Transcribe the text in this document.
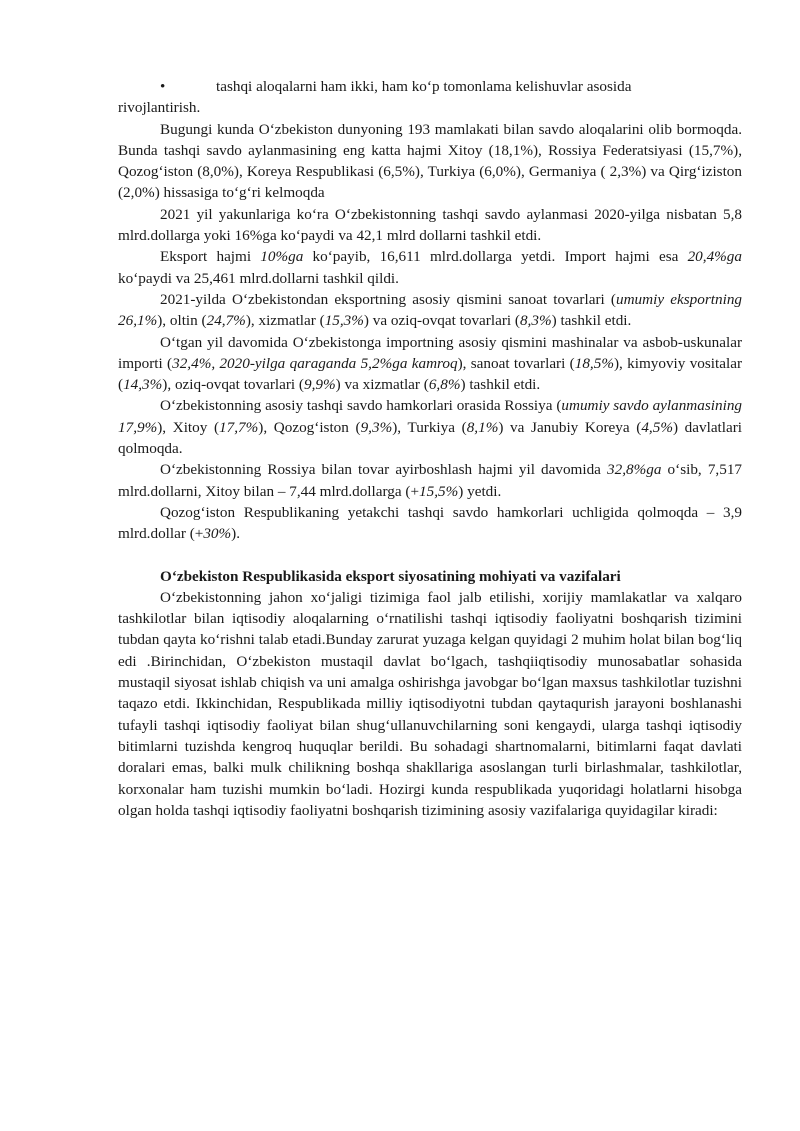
•	tashqi aloqalarni ham ikki, ham ko‘p tomonlama kelishuvlar asosida

rivojlantirish.

Bugungi kunda O‘zbekiston dunyoning 193 mamlakati bilan savdo aloqalarini olib bormoqda. Bunda tashqi savdo aylanmasining eng katta hajmi Xitoy (18,1%), Rossiya Federatsiyasi (15,7%), Qozog‘iston (8,0%), Koreya Respublikasi (6,5%), Turkiya (6,0%), Germaniya ( 2,3%) va Qirg‘iziston (2,0%) hissasiga to‘g‘ri kelmoqda

2021 yil yakunlariga ko‘ra O‘zbekistonning tashqi savdo aylanmasi 2020-yilga nisbatan 5,8 mlrd.dollarga yoki 16%ga ko‘paydi va 42,1 mlrd dollarni tashkil etdi.

Eksport hajmi 10%ga ko‘payib, 16,611 mlrd.dollarga yetdi. Import hajmi esa 20,4%ga ko‘paydi va 25,461 mlrd.dollarni tashkil qildi.

2021-yilda O‘zbekistondan eksportning asosiy qismini sanoat tovarlari (umumiy eksportning 26,1%), oltin (24,7%), xizmatlar (15,3%) va oziq-ovqat tovarlari (8,3%) tashkil etdi.

O‘tgan yil davomida O‘zbekistonga importning asosiy qismini mashinalar va asbob-uskunalar importi (32,4%, 2020-yilga qaraganda 5,2%ga kamroq), sanoat tovarlari (18,5%), kimyoviy vositalar (14,3%), oziq-ovqat tovarlari (9,9%) va xizmatlar (6,8%) tashkil etdi.

O‘zbekistonning asosiy tashqi savdo hamkorlari orasida Rossiya (umumiy savdo aylanmasining 17,9%), Xitoy (17,7%), Qozog‘iston (9,3%), Turkiya (8,1%) va Janubiy Koreya (4,5%) davlatlari qolmoqda.

O‘zbekistonning Rossiya bilan tovar ayirboshlash hajmi yil davomida 32,8%ga o‘sib, 7,517 mlrd.dollarni, Xitoy bilan – 7,44 mlrd.dollarga (+15,5%) yetdi.

Qozog‘iston Respublikaning yetakchi tashqi savdo hamkorlari uchligida qolmoqda – 3,9 mlrd.dollar (+30%).

O‘zbekiston Respublikasida eksport siyosatining mohiyati va vazifalari

O‘zbekistonning jahon xo‘jaligi tizimiga faol jalb etilishi, xorijiy mamlakatlar va xalqaro tashkilotlar bilan iqtisodiy aloqalarning o‘rnatilishi tashqi iqtisodiy faoliyatni boshqarish tizimini tubdan qayta ko‘rishni talab etadi.Bunday zarurat yuzaga kelgan quyidagi 2 muhim holat bilan bog‘liq edi .Birinchidan, O‘zbekiston mustaqil davlat bo‘lgach, tashqiiqtisodiy munosabatlar sohasida mustaqil siyosat ishlab chiqish va uni amalga oshirishga javobgar bo‘lgan maxsus tashkilotlar tuzishni taqazo etdi. Ikkinchidan, Respublikada milliy iqtisodiyotni tubdan qaytaqurish jarayoni boshlanashi tufayli tashqi iqtisodiy faoliyat bilan shug‘ullanuvchilarning soni kengaydi, ularga tashqi iqtisodiy bitimlarni tuzishda kengroq huquqlar berildi. Bu sohadagi shartnomalarni, bitimlarni faqat davlati doralari emas, balki mulk chilikning boshqa shakllariga asoslangan turli birlashmalar, tashkilotlar, korxonalar ham tuzishi mumkin bo‘ladi. Hozirgi kunda respublikada yuqoridagi holatlarni hisobga olgan holda tashqi iqtisodiy faoliyatni boshqarish tizimining asosiy vazifalariga quyidagilar kiradi:
